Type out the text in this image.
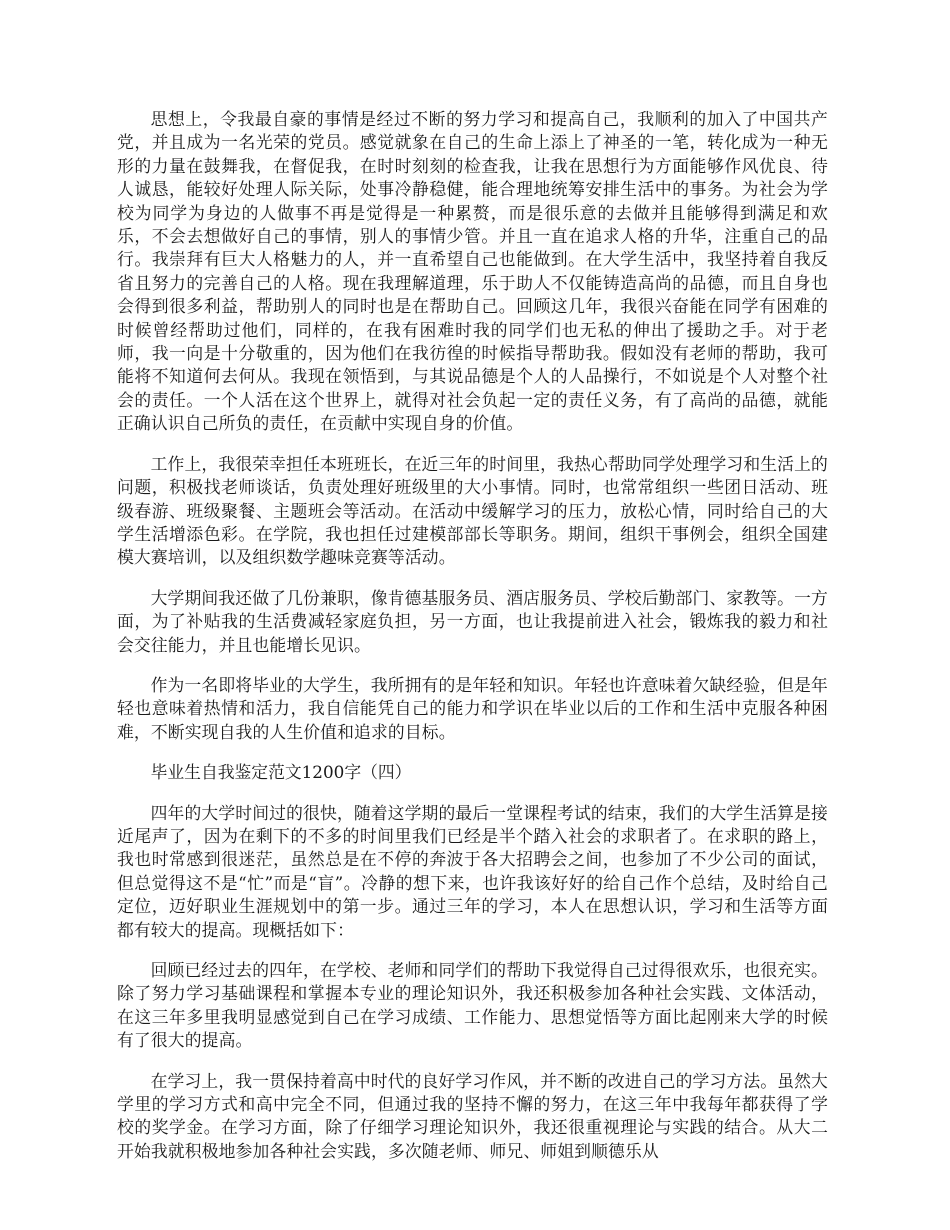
思想上，令我最自豪的事情是经过不断的努力学习和提高自己，我顺利的加入了中国共产党，并且成为一名光荣的党员。感觉就象在自己的生命上添上了神圣的一笔，转化成为一种无形的力量在鼓舞我，在督促我，在时时刻刻的检查我，让我在思想行为方面能够作风优良、待人诚恳，能较好处理人际关际，处事冷静稳健，能合理地统筹安排生活中的事务。为社会为学校为同学为身边的人做事不再是觉得是一种累赘，而是很乐意的去做并且能够得到满足和欢乐，不会去想做好自己的事情，别人的事情少管。并且一直在追求人格的升华，注重自己的品行。我崇拜有巨大人格魅力的人，并一直希望自己也能做到。在大学生活中，我坚持着自我反省且努力的完善自己的人格。现在我理解道理，乐于助人不仅能铸造高尚的品德，而且自身也会得到很多利益，帮助别人的同时也是在帮助自己。回顾这几年，我很兴奋能在同学有困难的时候曾经帮助过他们，同样的，在我有困难时我的同学们也无私的伸出了援助之手。对于老师，我一向是十分敬重的，因为他们在我彷徨的时候指导帮助我。假如没有老师的帮助，我可能将不知道何去何从。我现在领悟到，与其说品德是个人的人品操行，不如说是个人对整个社会的责任。一个人活在这个世界上，就得对社会负起一定的责任义务，有了高尚的品德，就能正确认识自己所负的责任，在贡献中实现自身的价值。

工作上，我很荣幸担任本班班长，在近三年的时间里，我热心帮助同学处理学习和生活上的问题，积极找老师谈话，负责处理好班级里的大小事情。同时，也常常组织一些团日活动、班级春游、班级聚餐、主题班会等活动。在活动中缓解学习的压力，放松心情，同时给自己的大学生活增添色彩。在学院，我也担任过建模部部长等职务。期间，组织干事例会，组织全国建模大赛培训，以及组织数学趣味竞赛等活动。

大学期间我还做了几份兼职，像肯德基服务员、酒店服务员、学校后勤部门、家教等。一方面，为了补贴我的生活费减轻家庭负担，另一方面，也让我提前进入社会，锻炼我的毅力和社会交往能力，并且也能增长见识。

作为一名即将毕业的大学生，我所拥有的是年轻和知识。年轻也许意味着欠缺经验，但是年轻也意味着热情和活力，我自信能凭自己的能力和学识在毕业以后的工作和生活中克服各种困难，不断实现自我的人生价值和追求的目标。

毕业生自我鉴定范文1200字（四）

四年的大学时间过的很快，随着这学期的最后一堂课程考试的结束，我们的大学生活算是接近尾声了，因为在剩下的不多的时间里我们已经是半个踏入社会的求职者了。在求职的路上，我也时常感到很迷茫，虽然总是在不停的奔波于各大招聘会之间，也参加了不少公司的面试，但总觉得这不是“忙”而是“盲”。冷静的想下来，也许我该好好的给自己作个总结，及时给自己定位，迈好职业生涯规划中的第一步。通过三年的学习，本人在思想认识，学习和生活等方面都有较大的提高。现概括如下：

回顾已经过去的四年，在学校、老师和同学们的帮助下我觉得自己过得很欢乐，也很充实。除了努力学习基础课程和掌握本专业的理论知识外，我还积极参加各种社会实践、文体活动，在这三年多里我明显感觉到自己在学习成绩、工作能力、思想觉悟等方面比起刚来大学的时候有了很大的提高。

在学习上，我一贯保持着高中时代的良好学习作风，并不断的改进自己的学习方法。虽然大学里的学习方式和高中完全不同，但通过我的坚持不懈的努力，在这三年中我每年都获得了学校的奖学金。在学习方面，除了仔细学习理论知识外，我还很重视理论与实践的结合。从大二开始我就积极地参加各种社会实践，多次随老师、师兄、师姐到顺德乐从
